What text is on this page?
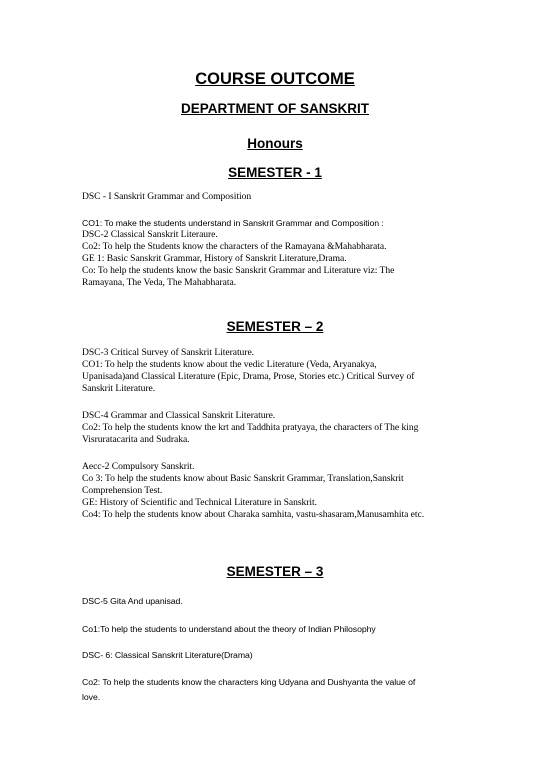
COURSE OUTCOME
DEPARTMENT OF SANSKRIT
Honours
SEMESTER - 1
DSC - I Sanskrit Grammar and Composition
CO1: To make the students understand in Sanskrit Grammar and Composition :
DSC-2 Classical Sanskrit Literaure.
Co2: To help the Students know the characters of the Ramayana &Mahabharata.
GE 1: Basic Sanskrit Grammar, History of Sanskrit Literature,Drama.
Co: To help the students know the basic Sanskrit Grammar and Literature viz: The
Ramayana, The Veda, The Mahabharata.
SEMESTER – 2
DSC-3 Critical Survey of Sanskrit Literature.
CO1: To help the students know about the vedic Literature (Veda, Aryanakya,
Upanisada)and Classical Literature (Epic, Drama, Prose, Stories etc.) Critical Survey of
Sanskrit Literature.
DSC-4 Grammar and Classical Sanskrit Literature.
Co2: To help the students know the krt and Taddhita pratyaya, the characters of The king
Visruratacarita and Sudraka.
Aecc-2 Compulsory Sanskrit.
Co 3: To help the students know about Basic Sanskrit Grammar, Translation,Sanskrit
Comprehension Test.
GE: History of Scientific and Technical Literature in Sanskrit.
Co4: To help the students know about Charaka samhita, vastu-shasaram,Manusamhita etc.
SEMESTER – 3
DSC-5 Gita And upanisad.
Co1:To help the students to understand about the theory of Indian Philosophy
DSC- 6: Classical Sanskrit Literature(Drama)
Co2: To help the students know the characters king Udyana and Dushyanta the value of
love.
